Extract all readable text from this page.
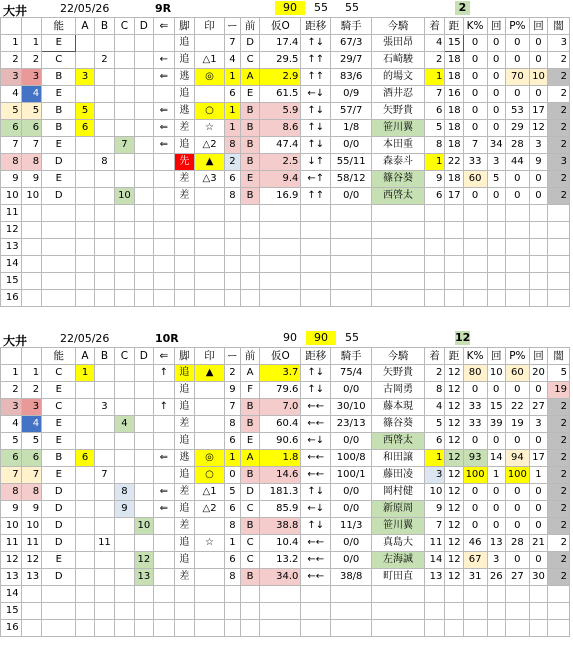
大井	22/05/26	9R	90	55	55	2
		能	A	B	C	D	⇐	脚	印	ー	前	仮O	距移	騎手	今騎	着	距	K%	回	P%	回	闇
1	1	E						追		7	D	17.4	↑↓	67/3	張田昂	4	15	0	0	0	0	3
2	2	C		2			←	追	△1	4	C	29.5	↑↑	29/7	石崎駿	2	18	0	0	0	0	2
3	3	B	3				⇐	逃	◎	1	A	2.9	↑↑	83/6	的場文	1	18	0	0	70	10	2
4	4	E						追		6	E	61.5	←↓	0/9	酒井忍	7	16	0	0	0	0	2
5	5	B	5				⇐	逃	○	1	B	5.9	↑↓	57/7	矢野貴	6	18	0	0	53	17	2
6	6	B	6				⇐	差	☆	1	B	8.6	↑↓	1/8	笹川翼	5	18	0	0	29	12	2
7	7	E			7		⇐	追	△2	8	B	47.4	↑↓	0/0	本田重	8	18	7	34	28	3	2
8	8	D		8				先	▲	2	B	2.5	↓↑	55/11	森泰斗	1	22	33	3	44	9	3
9	9	E						差	△3	6	E	9.4	←↑	58/12	篠谷葵	9	18	60	5	0	0	2
10	10	D			10			差		8	B	16.9	↑↑	0/0	西啓太	6	17	0	0	0	0	2
11																						
12																						
13																						
14																						
15																						
16																						
大井	22/05/26	10R	90	90	55	12
		能	A	B	C	D	⇐	脚	印	ー	前	仮O	距移	騎手	今騎	着	距	K%	回	P%	回	闇
1	1	C	1				↑	追	▲	2	A	3.7	↑↓	75/4	矢野貴	2	12	80	10	60	20	5
2	2	E						追		9	F	79.6	↑↓	0/0	古岡勇	8	12	0	0	0	0	19
3	3	C		3			↑	追		7	B	7.0	←←	30/10	藤本現	4	12	33	15	22	27	2
4	4	E			4			差		8	B	60.4	←←	23/13	篠谷葵	5	12	33	39	19	3	2
5	5	E						追		6	E	90.6	←↓	0/0	西啓太	6	12	0	0	0	0	2
6	6	B	6				⇐	逃	◎	1	A	1.8	←←	100/8	和田譲	1	12	93	14	94	17	2
7	7	E		7				追	○	0	B	14.6	←←	100/1	藤田凌	3	12	100	1	100	1	2
8	8	D			8		⇐	差	△1	5	D	181.3	↑↓	0/0	岡村健	10	12	0	0	0	0	2
9	9	D			9		⇐	追	△2	6	C	85.9	←↓	0/0	新原周	9	12	0	0	0	0	2
10	10	D				10		差		8	B	38.8	↑↓	11/3	笹川翼	7	12	0	0	0	0	2
11	11	D		11				追	☆	1	C	10.4	←←	0/0	真島大	11	12	46	13	28	21	2
12	12	E				12		追		6	C	13.2	←←	0/0	左海誠	14	12	67	3	0	0	2
13	13	D				13		差		8	B	34.0	←←	38/8	町田直	13	12	31	26	27	30	2
14																						
15																						
16																						
